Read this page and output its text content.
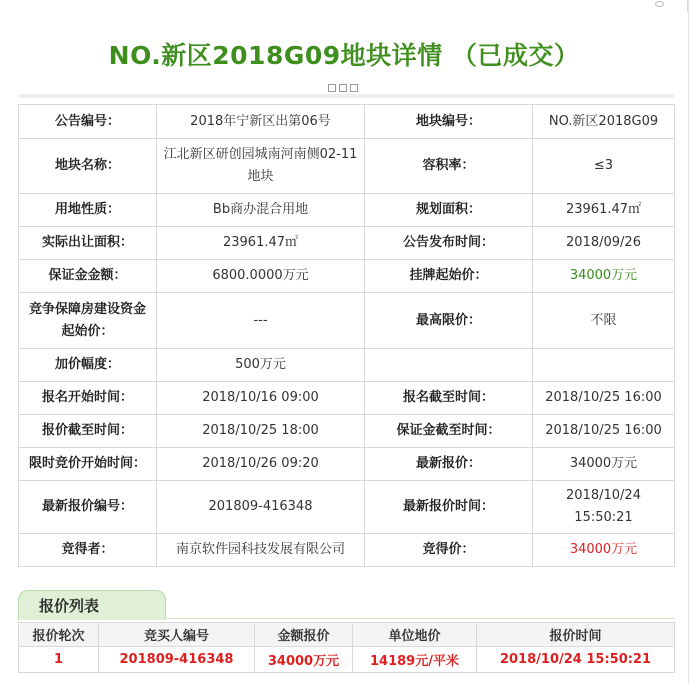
NO.新区2018G09地块详情 （已成交）
公告编号：	2018年宁新区出第06号	地块编号：	NO.新区2018G09
地块名称：	江北新区研创园城南河南侧02-11地块	容积率：	≤3
用地性质：	Bb商办混合用地	规划面积：	23961.47㎡
实际出让面积：	23961.47㎡	公告发布时间：	2018/09/26
保证金金额：	6800.0000万元	挂牌起始价：	34000万元
竞争保障房建设资金起始价：	---	最高限价：	不限
加价幅度：	500万元		
报名开始时间：	2018/10/16 09:00	报名截至时间：	2018/10/25 16:00
报价截至时间：	2018/10/25 18:00	保证金截至时间：	2018/10/25 16:00
限时竞价开始时间：	2018/10/26 09:20	最新报价：	34000万元
最新报价编号：	201809-416348	最新报价时间：	2018/10/24 15:50:21
竞得者：	南京软件园科技发展有限公司	竞得价：	34000万元
报价列表
报价轮次	竞买人编号	金额报价	单位地价	报价时间
1	201809-416348	34000万元	14189元/平米	2018/10/24 15:50:21
